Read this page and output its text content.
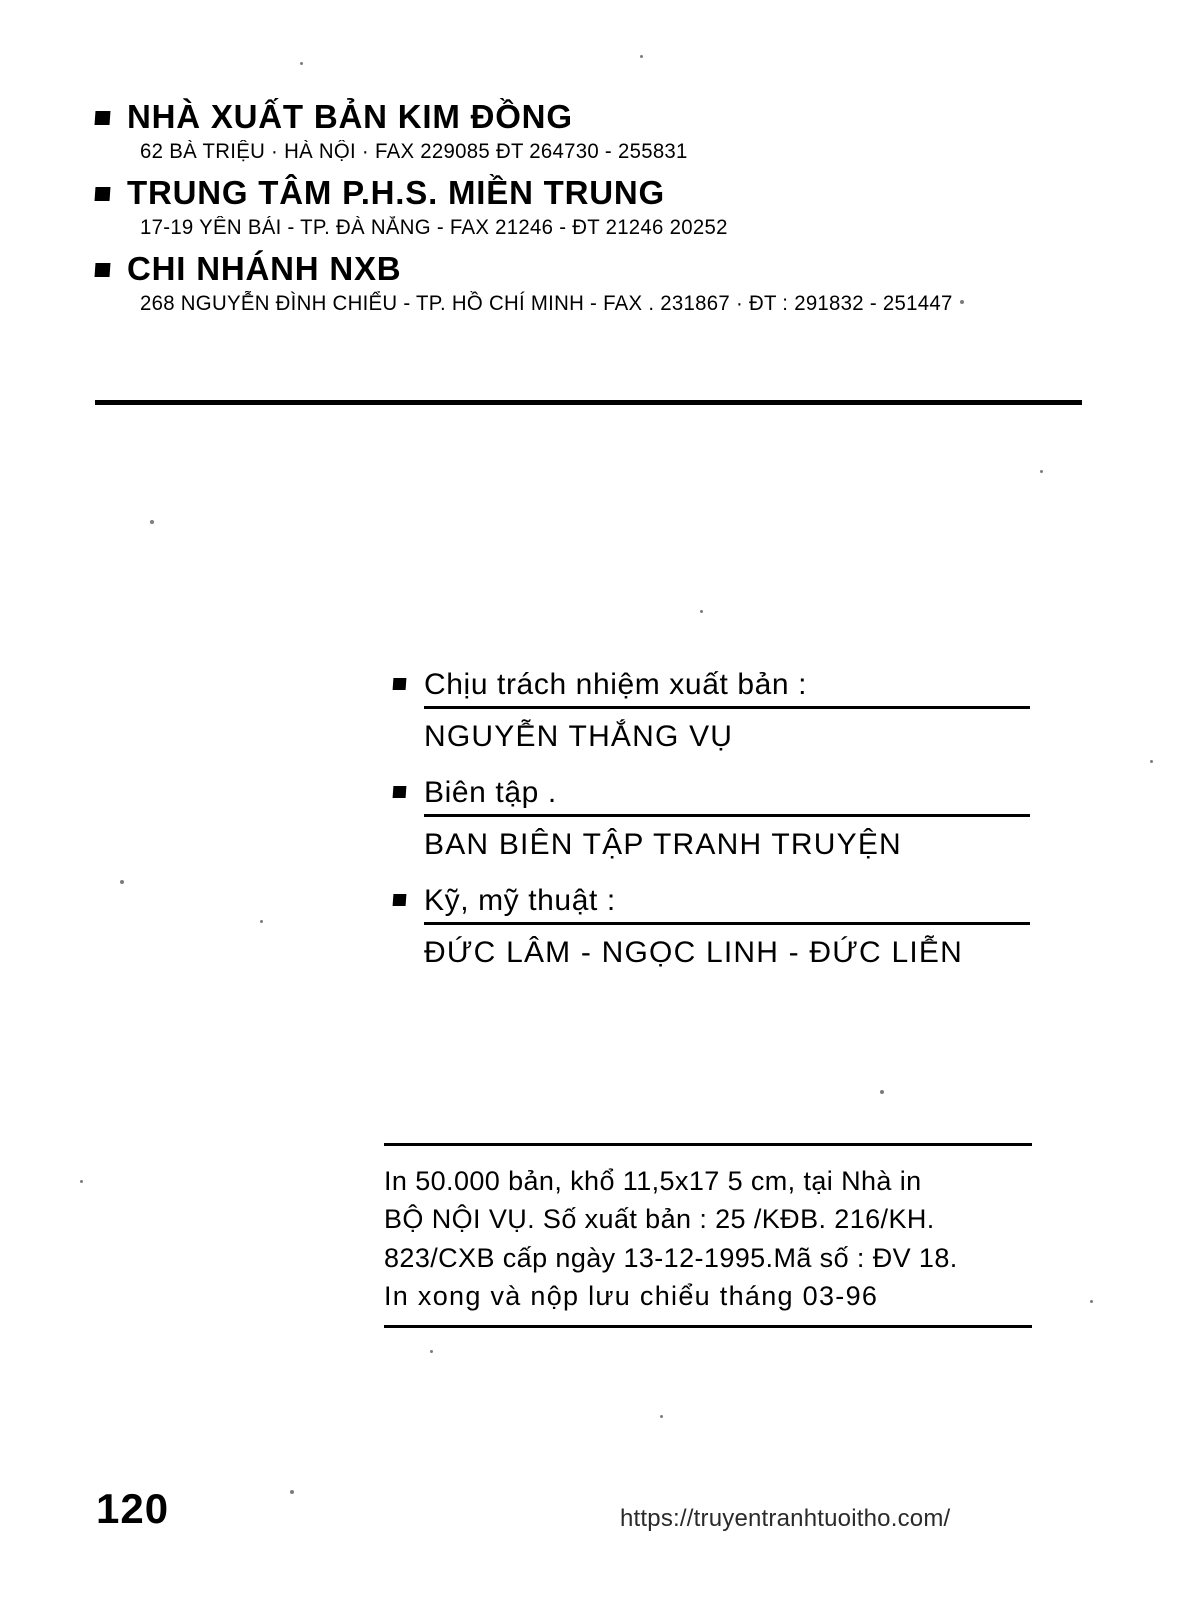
NHÀ XUẤT BẢN KIM ĐỒNG
62 BÀ TRIỆU · HÀ NỘI · FAX 229085 ĐT 264730 - 255831
TRUNG TÂM P.H.S. MIỀN TRUNG
17-19 YÊN BÁI - TP. ĐÀ NẴNG - FAX 21246 - ĐT 21246 20252
CHI NHÁNH NXB
268 NGUYỄN ĐÌNH CHIỂU - TP. HỒ CHÍ MINH - FAX . 231867 · ĐT : 291832 - 251447
Chịu trách nhiệm xuất bản :
NGUYỄN THẮNG VỤ
Biên tập .
BAN BIÊN TẬP TRANH TRUYỆN
Kỹ, mỹ thuật :
ĐỨC LÂM - NGỌC LINH - ĐỨC LIỄN
In 50.000 bản, khổ 11,5x17 5 cm, tại Nhà in
BỘ NỘI VỤ. Số xuất bản : 25 /KĐB. 216/KH.
823/CXB cấp ngày 13-12-1995.Mã số : ĐV 18.
In xong và nộp lưu chiểu tháng 03-96
120	https://truyentranhtuoitho.com/
